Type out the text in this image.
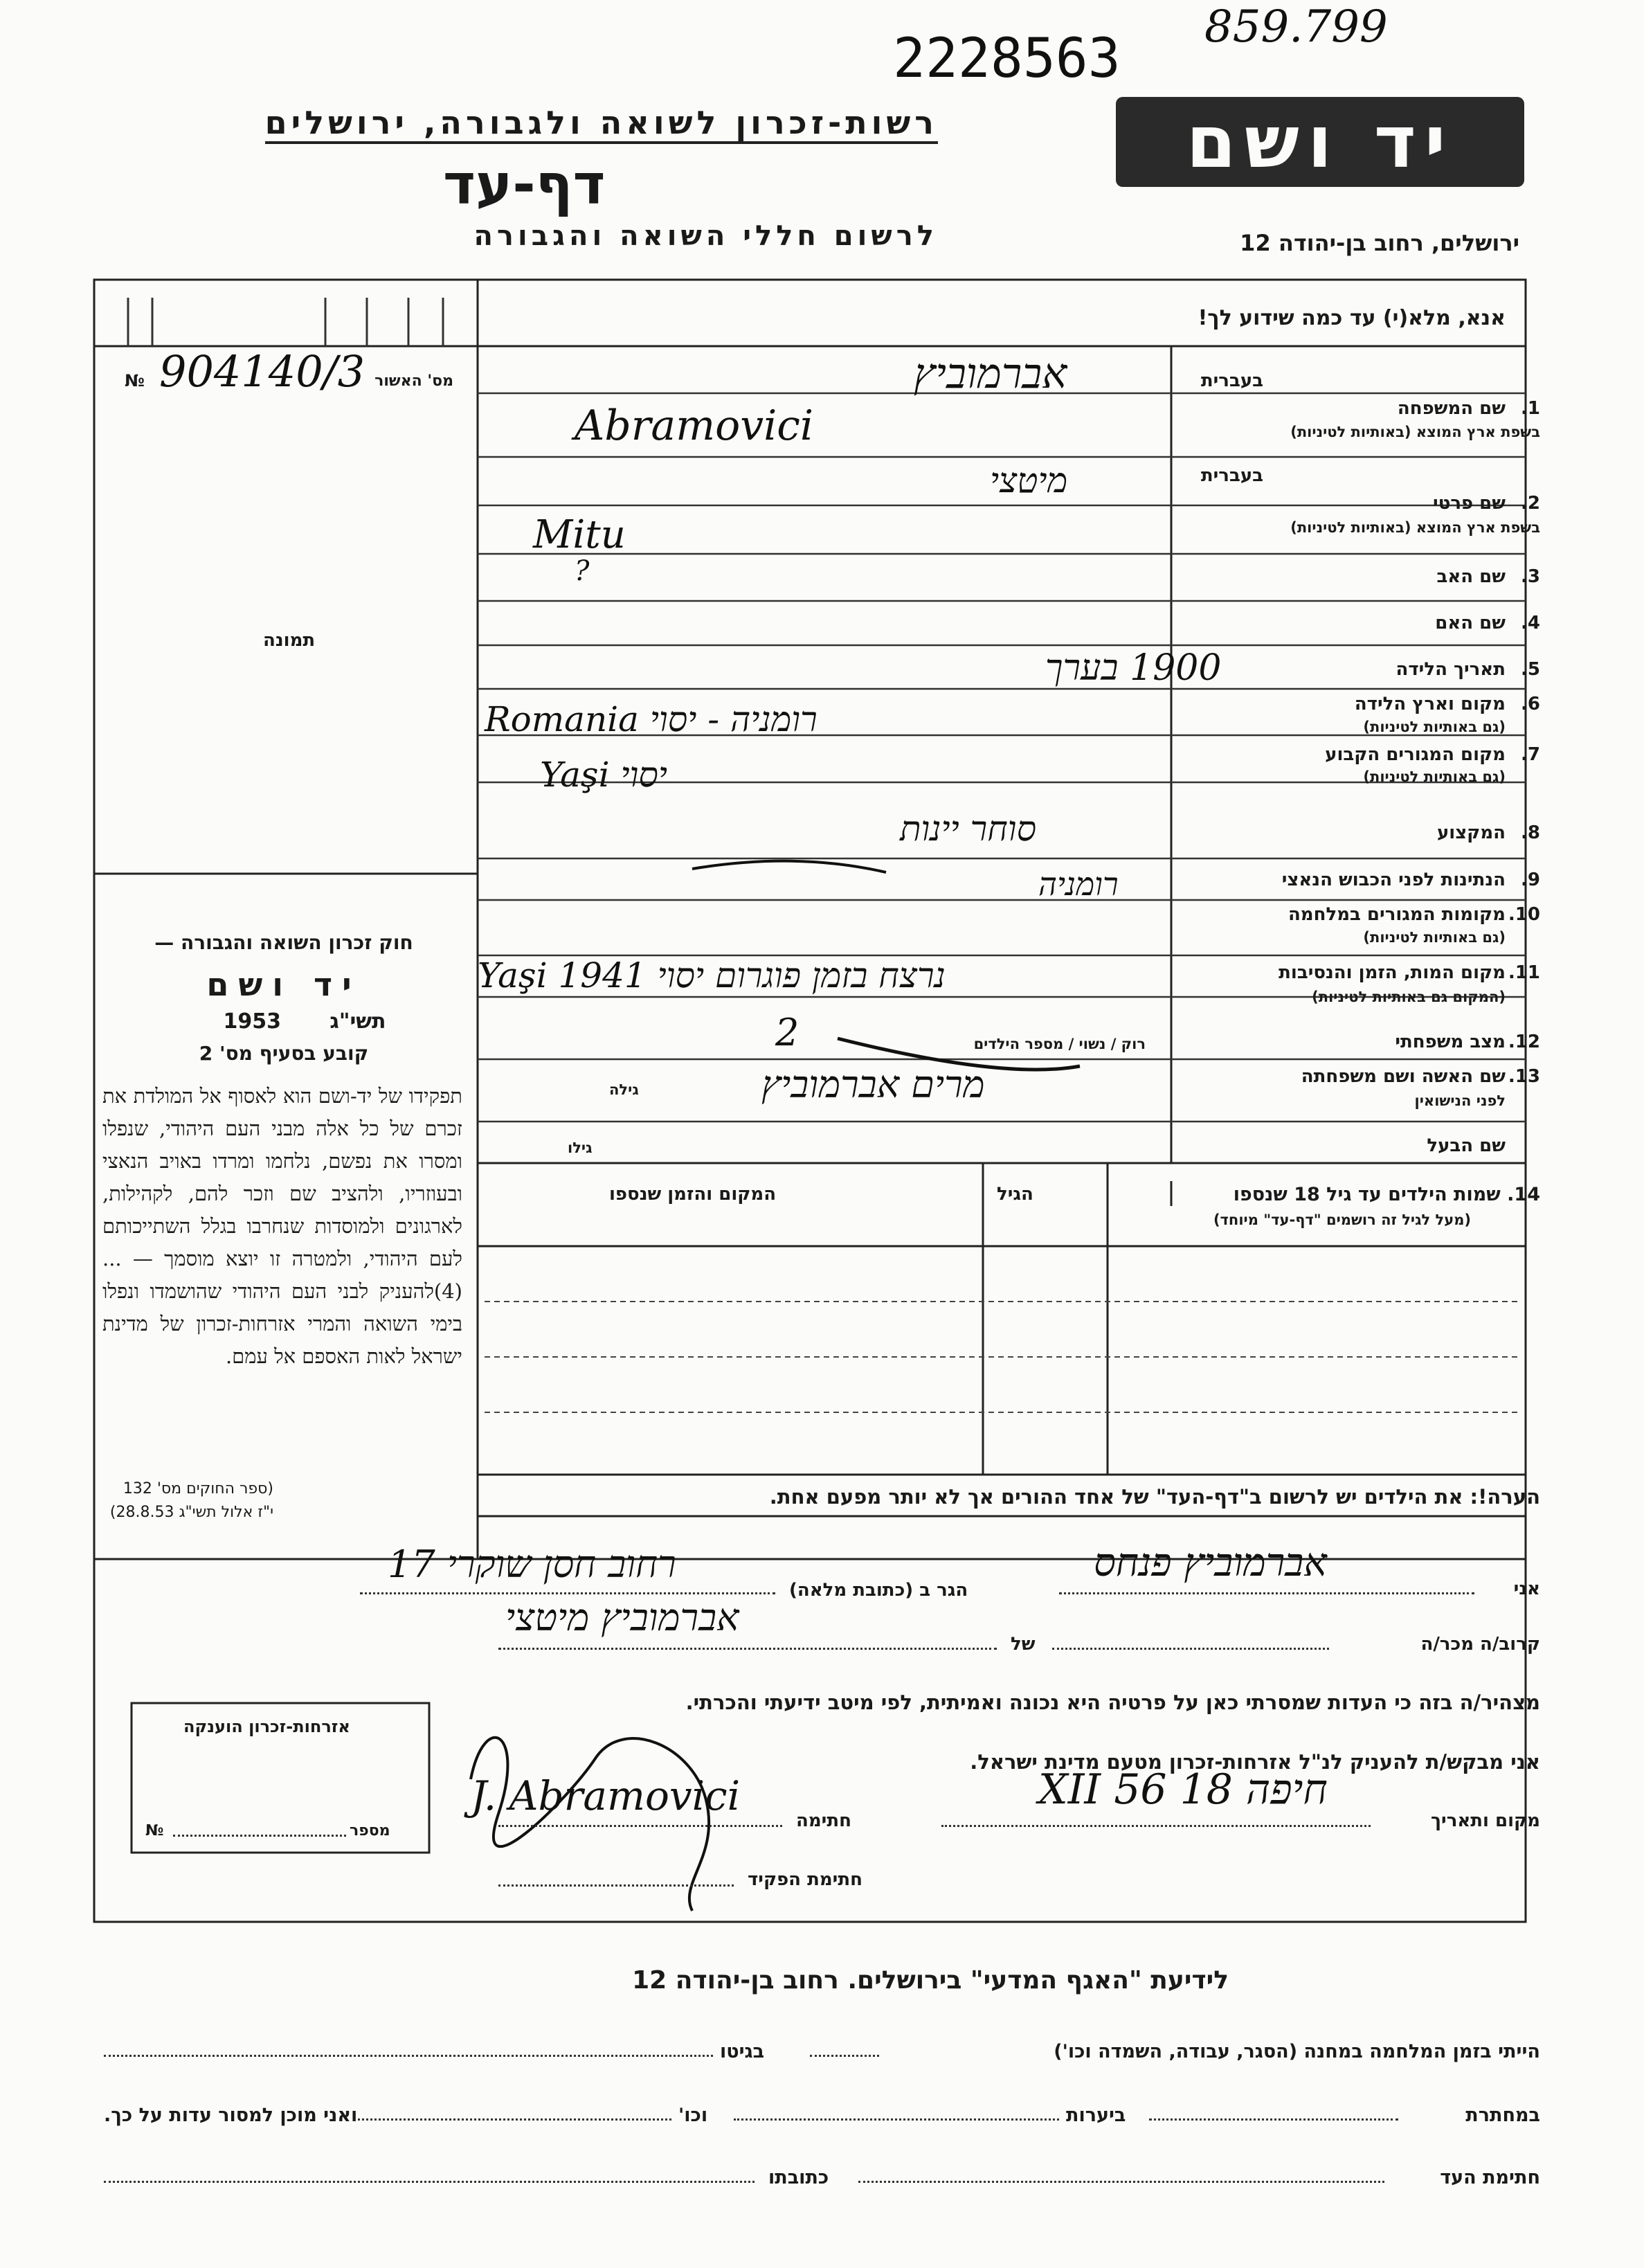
2228563
859.799
יד ושם
רשות-זכרון לשואה ולגבורה, ירושלים
דף-עד
לרשום חללי השואה והגבורה	ירושלים, רחוב בן-יהודה 12
מס' האשור
№ 904140/3
תמונה
חוק זכרון השואה והגבורה —
יד ושם
תשי"ג 1953
קובע בסעיף מס' 2
תפקידו של יד-ושם הוא לאסוף אל המולדת את זכרם של כל אלה מבני העם היהודי, שנפלו ומסרו את נפשם, נלחמו ומרדו באויב הנאצי ובעוזריו, ולהציב שם וזכר להם, לקהילות, לארגונים ולמוסדות שנחרבו בגלל השתייכותם לעם היהודי, ולמטרה זו יוצא מוסמך — ...(4)להעניק לבני העם היהודי שהושמדו ונפלו בימי השואה והמרי אזרחות-זכרון של מדינת ישראל לאות האספם אל עמם.
(ספר החוקים מס' 132
י"ז אלול תשי"ג 28.8.53)
אנא, מלא(י) עד כמה שידוע לך!
בעברית
1.
שם המשפחה
בשפת ארץ המוצא (באותיות לטיניות)
בעברית
2.
שם פרטי
בשפת ארץ המוצא (באותיות לטיניות)
3.
שם האב
4.
שם האם
5.
תאריך הלידה
6.
מקום וארץ הלידה
(גם באותיות לטיניות)
7.
מקום המגורים הקבוע
(גם באותיות לטיניות)
8.
המקצוע
9.
הנתינות לפני הכבוש הנאצי
10.
מקומות המגורים במלחמה
(גם באותיות לטיניות)
11.
מקום המות, הזמן והנסיבות
(המקום גם באותיות לטיניות)
12.
מצב משפחתי
רוק / נשוי / מספר הילדים
13.
שם האשה ושם משפחתה
לפני הנישואין
גילה
שם הבעל
גילו
אברמוביץ
Abramovici
מיטצי
Mitu
?
1900 בערך
רומניה - יסוי Romania
יסוי Yaşi
סוחר יינות
רומניה
נרצח בזמן פוגרום יסוי 1941 Yaşi
2
מרים אברמוביץ
14. שמות הילדים עד גיל 18 שנספו
(מעל לגיל זה רושמים "דף-עד" מיוחד)
הגיל
המקום והזמן שנספו
הערה!: את הילדים יש לרשום ב"דף-העד" של אחד ההורים אך לא יותר מפעם אחת.
אני
אברמוביץ פנחס
הגר ב (כתובת מלאה)
רחוב חסן שוקרי 17
קרוב/ה מכר/ה
של
אברמוביץ מיטצי
מצהיר/ה בזה כי העדות שמסרתי כאן על פרטיה היא נכונה ואמיתית, לפי מיטב ידיעתי והכרתי.
אני מבקש/ת להעניק לנ"ל אזרחות-זכרון מטעם מדינת ישראל.
מקום ותאריך
חיפה 18 XII 56
חתימה
J. Abramovici
חתימת הפקיד
אזרחות-זכרון הוענקה
№	מספר
לידיעת "האגף המדעי" בירושלים. רחוב בן-יהודה 12
הייתי בזמן המלחמה במחנה (הסגר, עבודה, השמדה וכו')
בגיטו
במחתרת
ביערות
וכו'
ואני מוכן למסור עדות על כך.
חתימת העד
כתובתו
